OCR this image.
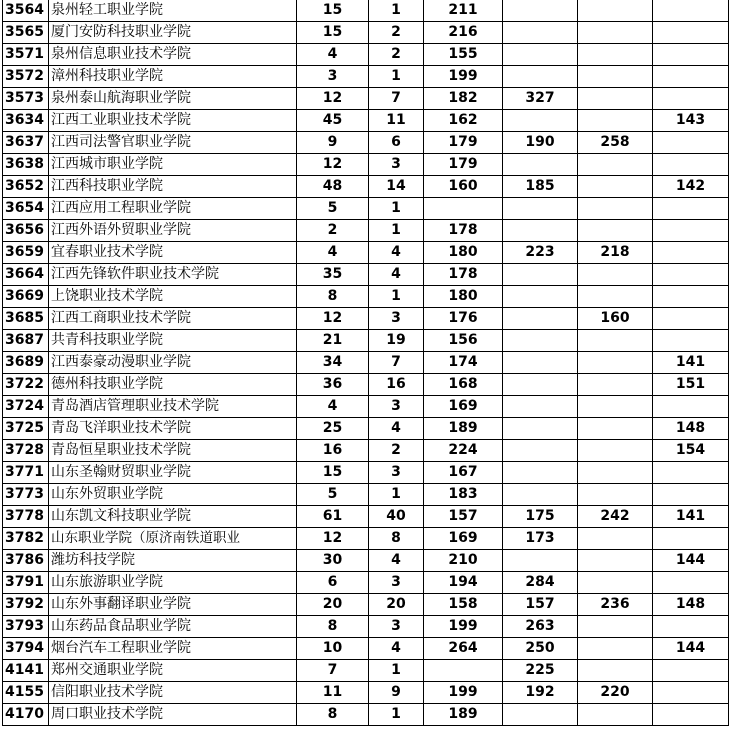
3564	泉州轻工职业学院	15	1	211			
3565	厦门安防科技职业学院	15	2	216			
3571	泉州信息职业技术学院	4	2	155			
3572	漳州科技职业学院	3	1	199			
3573	泉州泰山航海职业学院	12	7	182	327		
3634	江西工业职业技术学院	45	11	162			143
3637	江西司法警官职业学院	9	6	179	190	258	
3638	江西城市职业学院	12	3	179			
3652	江西科技职业学院	48	14	160	185		142
3654	江西应用工程职业学院	5	1				
3656	江西外语外贸职业学院	2	1	178			
3659	宜春职业技术学院	4	4	180	223	218	
3664	江西先锋软件职业技术学院	35	4	178			
3669	上饶职业技术学院	8	1	180			
3685	江西工商职业技术学院	12	3	176		160	
3687	共青科技职业学院	21	19	156			
3689	江西泰豪动漫职业学院	34	7	174			141
3722	德州科技职业学院	36	16	168			151
3724	青岛酒店管理职业技术学院	4	3	169			
3725	青岛飞洋职业技术学院	25	4	189			148
3728	青岛恒星职业技术学院	16	2	224			154
3771	山东圣翰财贸职业学院	15	3	167			
3773	山东外贸职业学院	5	1	183			
3778	山东凯文科技职业学院	61	40	157	175	242	141
3782	山东职业学院（原济南铁道职业	12	8	169	173		
3786	潍坊科技学院	30	4	210			144
3791	山东旅游职业学院	6	3	194	284		
3792	山东外事翻译职业学院	20	20	158	157	236	148
3793	山东药品食品职业学院	8	3	199	263		
3794	烟台汽车工程职业学院	10	4	264	250		144
4141	郑州交通职业学院	7	1		225		
4155	信阳职业技术学院	11	9	199	192	220	
4170	周口职业技术学院	8	1	189			
